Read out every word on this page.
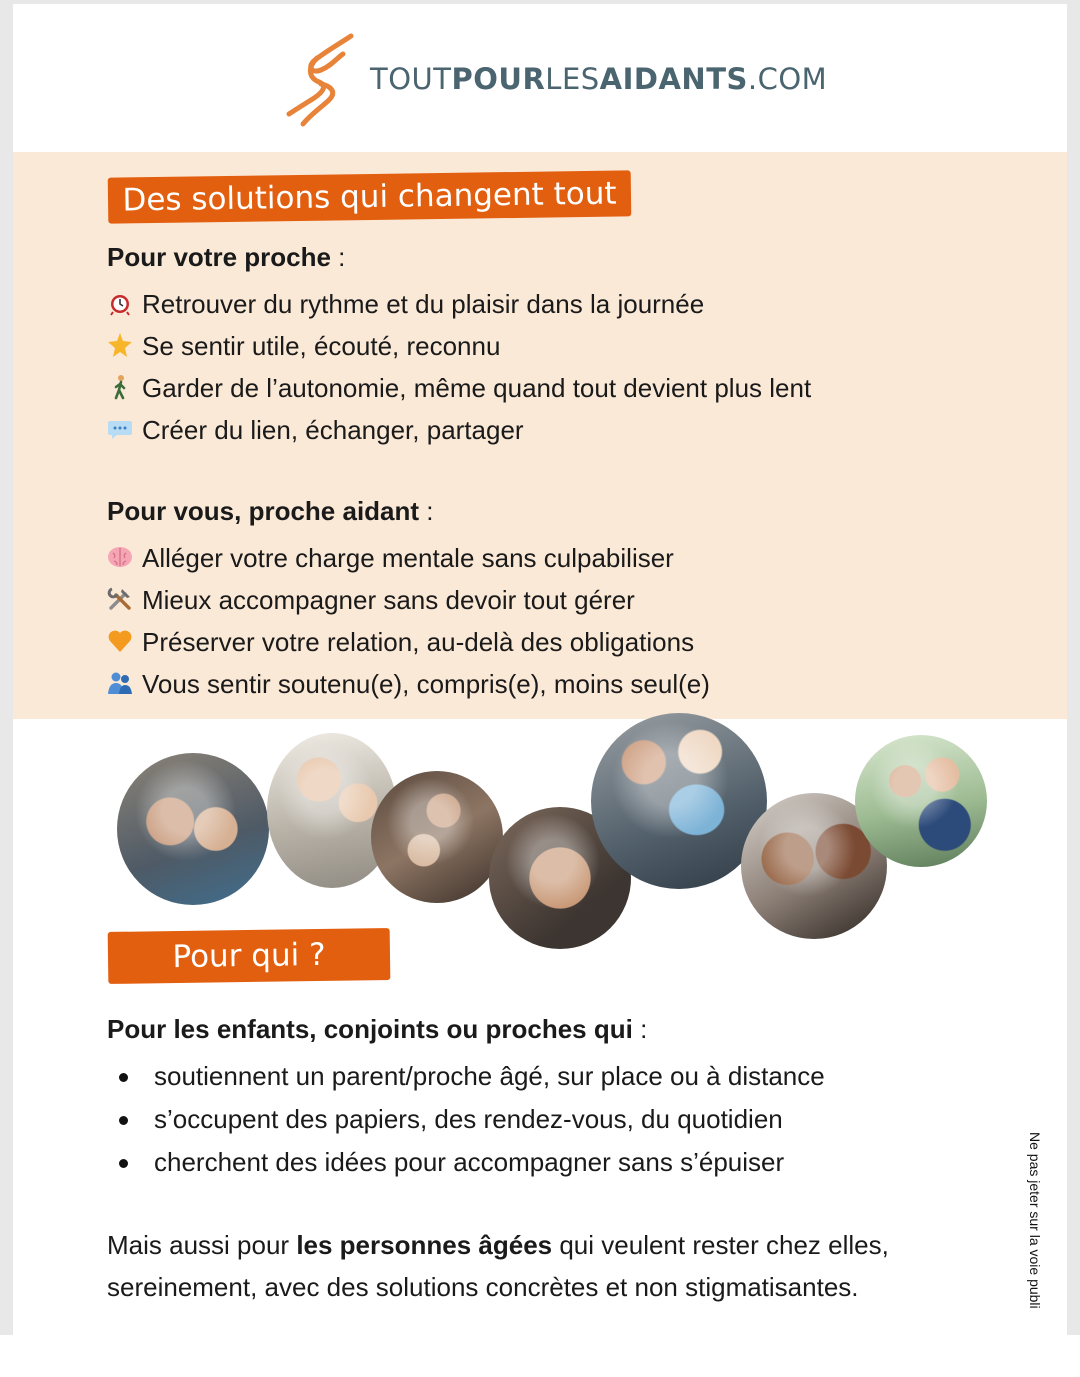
TOUTPOURLESAIDANTS.COM
Des solutions qui changent tout
Pour votre proche :
Retrouver du rythme et du plaisir dans la journée
Se sentir utile, écouté, reconnu
Garder de l’autonomie, même quand tout devient plus lent
Créer du lien, échanger, partager
Pour vous, proche aidant :
Alléger votre charge mentale sans culpabiliser
Mieux accompagner sans devoir tout gérer
Préserver votre relation, au-delà des obligations
Vous sentir soutenu(e), compris(e), moins seul(e)
Pour qui ?
Pour les enfants, conjoints ou proches qui :
soutiennent un parent/proche âgé, sur place ou à distance
s’occupent des papiers, des rendez-vous, du quotidien
cherchent des idées pour accompagner sans s’épuiser
Mais aussi pour les personnes âgées qui veulent rester chez elles, sereinement, avec des solutions concrètes et non stigmatisantes.	Ne pas jeter sur la voie publi
